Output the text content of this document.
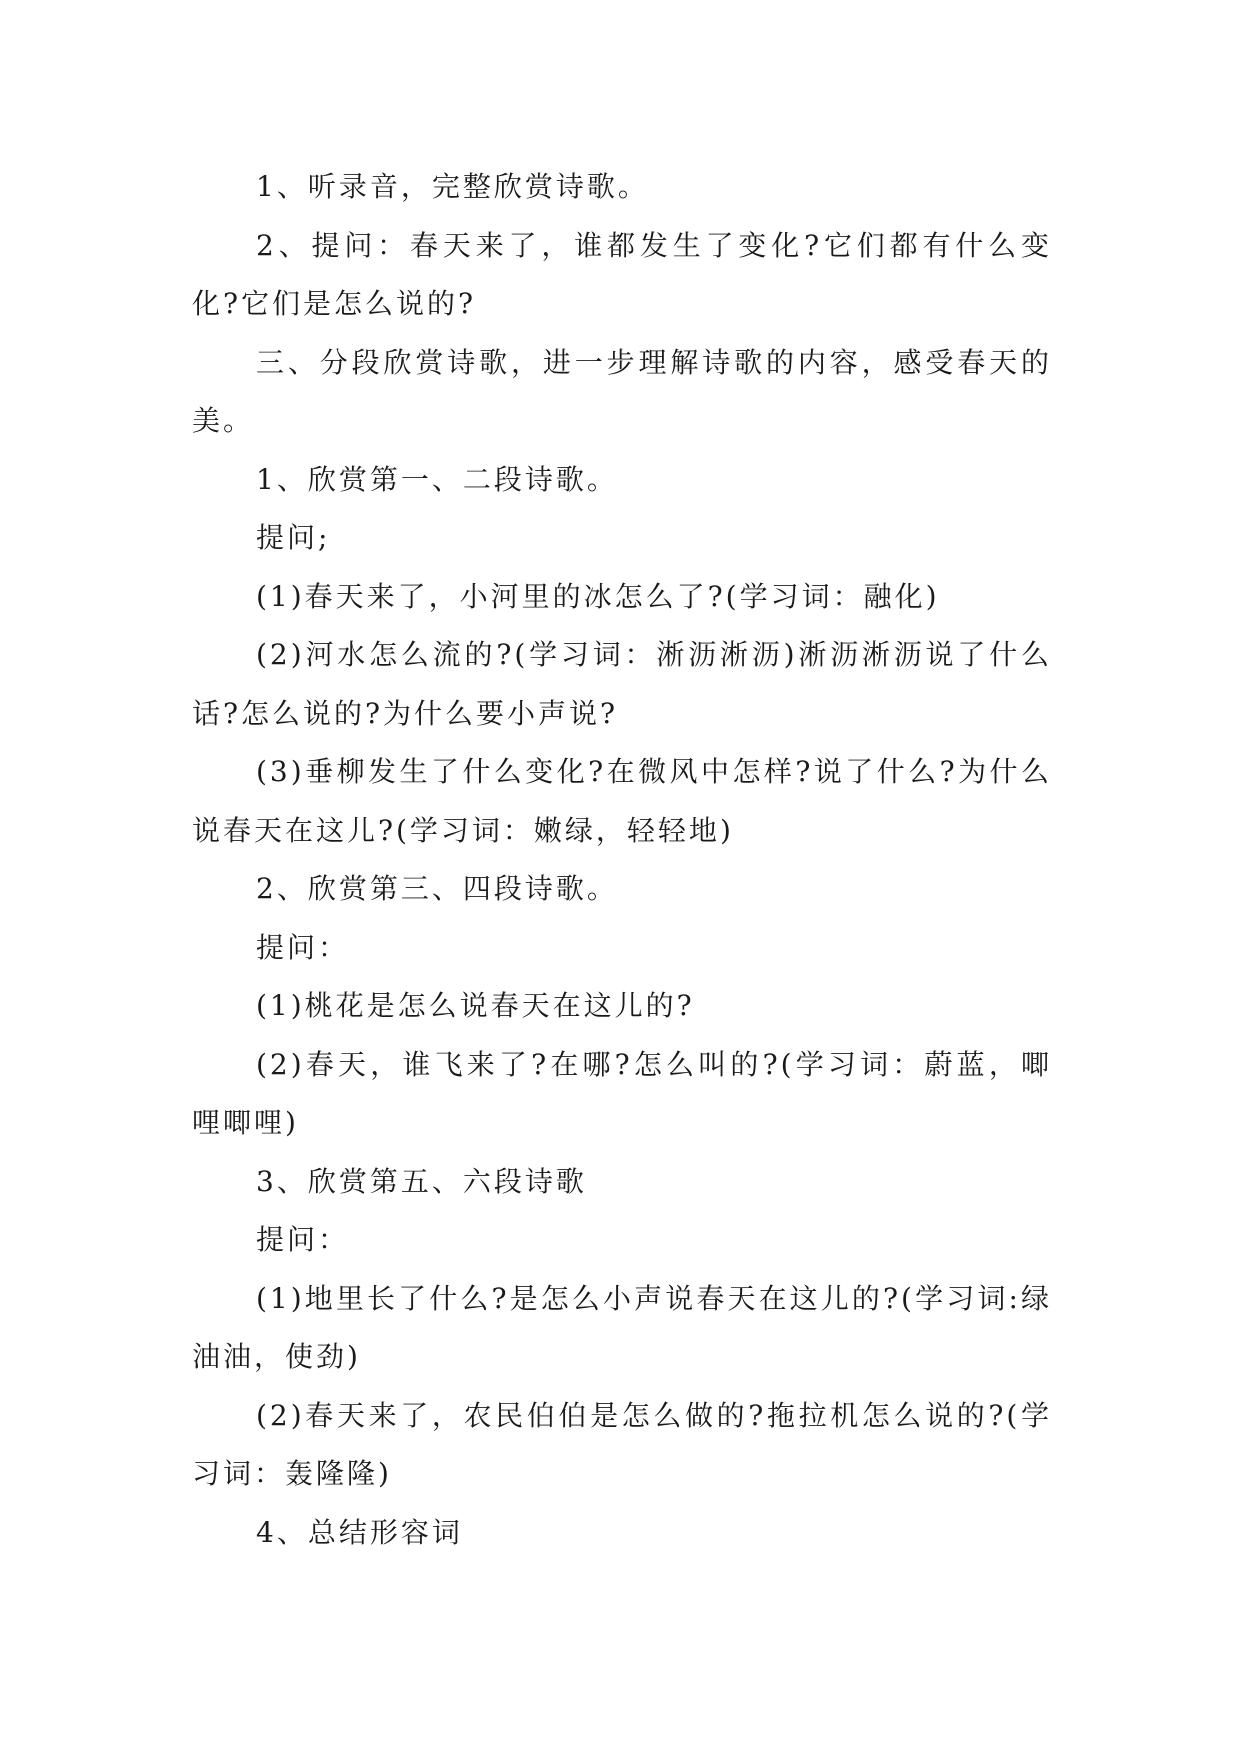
1、听录音，完整欣赏诗歌。

2、提问：春天来了，谁都发生了变化?它们都有什么变化?它们是怎么说的?

三、分段欣赏诗歌，进一步理解诗歌的内容，感受春天的美。

1、欣赏第一、二段诗歌。

提问;

(1)春天来了，小河里的冰怎么了?(学习词：融化)

(2)河水怎么流的?(学习词：淅沥淅沥)淅沥淅沥说了什么话?怎么说的?为什么要小声说?

(3)垂柳发生了什么变化?在微风中怎样?说了什么?为什么说春天在这儿?(学习词：嫩绿，轻轻地)

2、欣赏第三、四段诗歌。

提问：

(1)桃花是怎么说春天在这儿的?

(2)春天，谁飞来了?在哪?怎么叫的?(学习词：蔚蓝，唧哩唧哩)

3、欣赏第五、六段诗歌

提问：

(1)地里长了什么?是怎么小声说春天在这儿的?(学习词:绿油油，使劲)

(2)春天来了，农民伯伯是怎么做的?拖拉机怎么说的?(学习词：轰隆隆)

4、总结形容词
